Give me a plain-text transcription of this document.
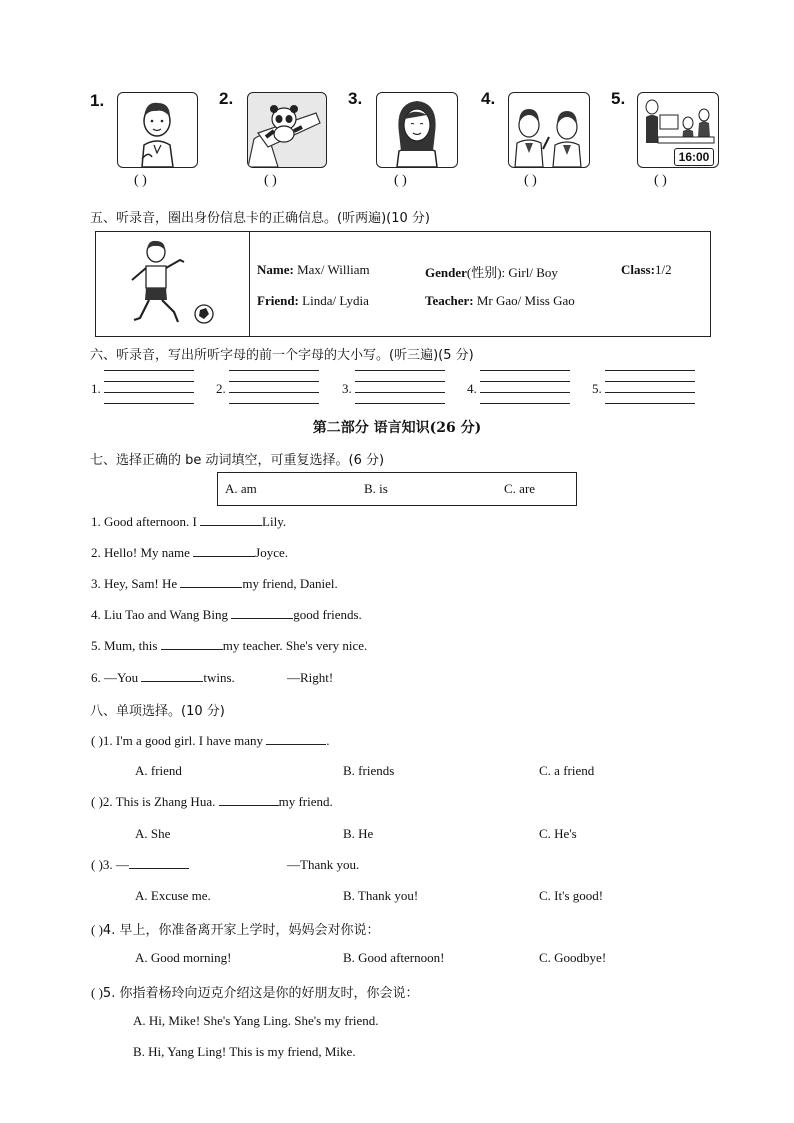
1.
( )
2.
( )
3.
( )
4.
( )
5.
16:00
( )
五、听录音，圈出身份信息卡的正确信息。(听两遍)(10 分)
Name: Max/ William	Gender(性别): Girl/ Boy	Class:1/2
Friend: Linda/ Lydia	Teacher: Mr Gao/ Miss Gao
六、听录音，写出所听字母的前一个字母的大小写。(听三遍)(5 分)
1.	2.	3.	4.	5.
第二部分 语言知识(26 分)
七、选择正确的 be 动词填空，可重复选择。(6 分)
A. am	B. is	C. are
1. Good afternoon. I	Lily.
2. Hello! My name	Joyce.
3. Hey, Sam! He	my friend, Daniel.
4. Liu Tao and Wang Bing	good friends.
5. Mum, this	my teacher. She's very nice.
6. —You	twins.	—Right!
八、单项选择。(10 分)
( )1. I'm a good girl. I have many	.
A. friend	B. friends	C. a friend
( )2. This is Zhang Hua.	my friend.
A. She	B. He	C. He's
( )3. —	—Thank you.
A. Excuse me.	B. Thank you!	C. It's good!
( )4. 早上，你准备离开家上学时，妈妈会对你说：
A. Good morning!	B. Good afternoon!	C. Goodbye!
( )5. 你指着杨玲向迈克介绍这是你的好朋友时，你会说：
A. Hi, Mike! She's Yang Ling. She's my friend.
B. Hi, Yang Ling! This is my friend, Mike.
